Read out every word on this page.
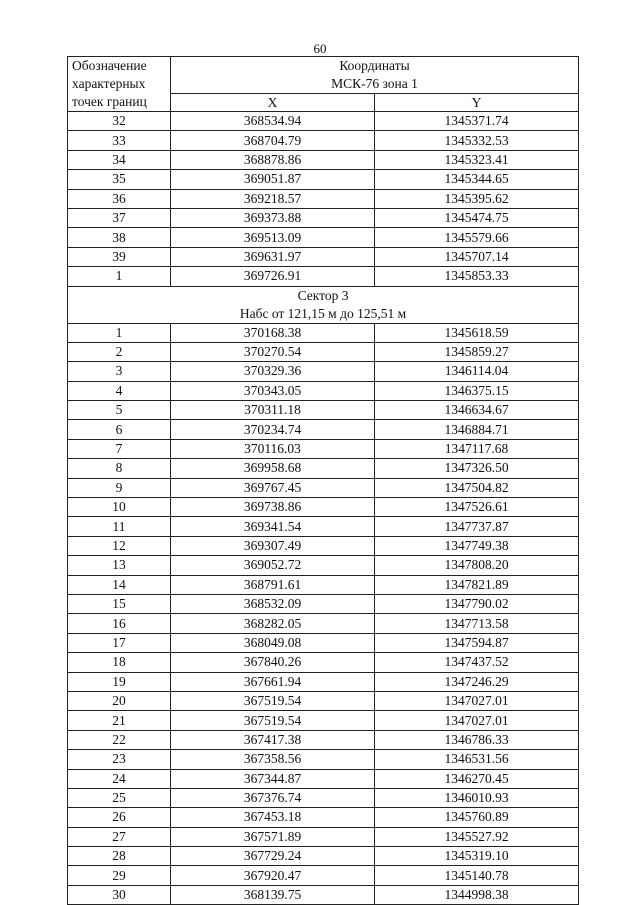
60
Обозначение характерных точек границ	Координаты
МСК-76 зона 1	

	X	Y
32	368534.94	1345371.74
33	368704.79	1345332.53
34	368878.86	1345323.41
35	369051.87	1345344.65
36	369218.57	1345395.62
37	369373.88	1345474.75
38	369513.09	1345579.66
39	369631.97	1345707.14
1	369726.91	1345853.33

Сектор 3
Набс от 121,15 м до 125,51 м		

1	370168.38	1345618.59
2	370270.54	1345859.27
3	370329.36	1346114.04
4	370343.05	1346375.15
5	370311.18	1346634.67
6	370234.74	1346884.71
7	370116.03	1347117.68
8	369958.68	1347326.50
9	369767.45	1347504.82
10	369738.86	1347526.61
11	369341.54	1347737.87
12	369307.49	1347749.38
13	369052.72	1347808.20
14	368791.61	1347821.89
15	368532.09	1347790.02
16	368282.05	1347713.58
17	368049.08	1347594.87
18	367840.26	1347437.52
19	367661.94	1347246.29
20	367519.54	1347027.01
21	367519.54	1347027.01
22	367417.38	1346786.33
23	367358.56	1346531.56
24	367344.87	1346270.45
25	367376.74	1346010.93
26	367453.18	1345760.89
27	367571.89	1345527.92
28	367729.24	1345319.10
29	367920.47	1345140.78
30	368139.75	1344998.38
